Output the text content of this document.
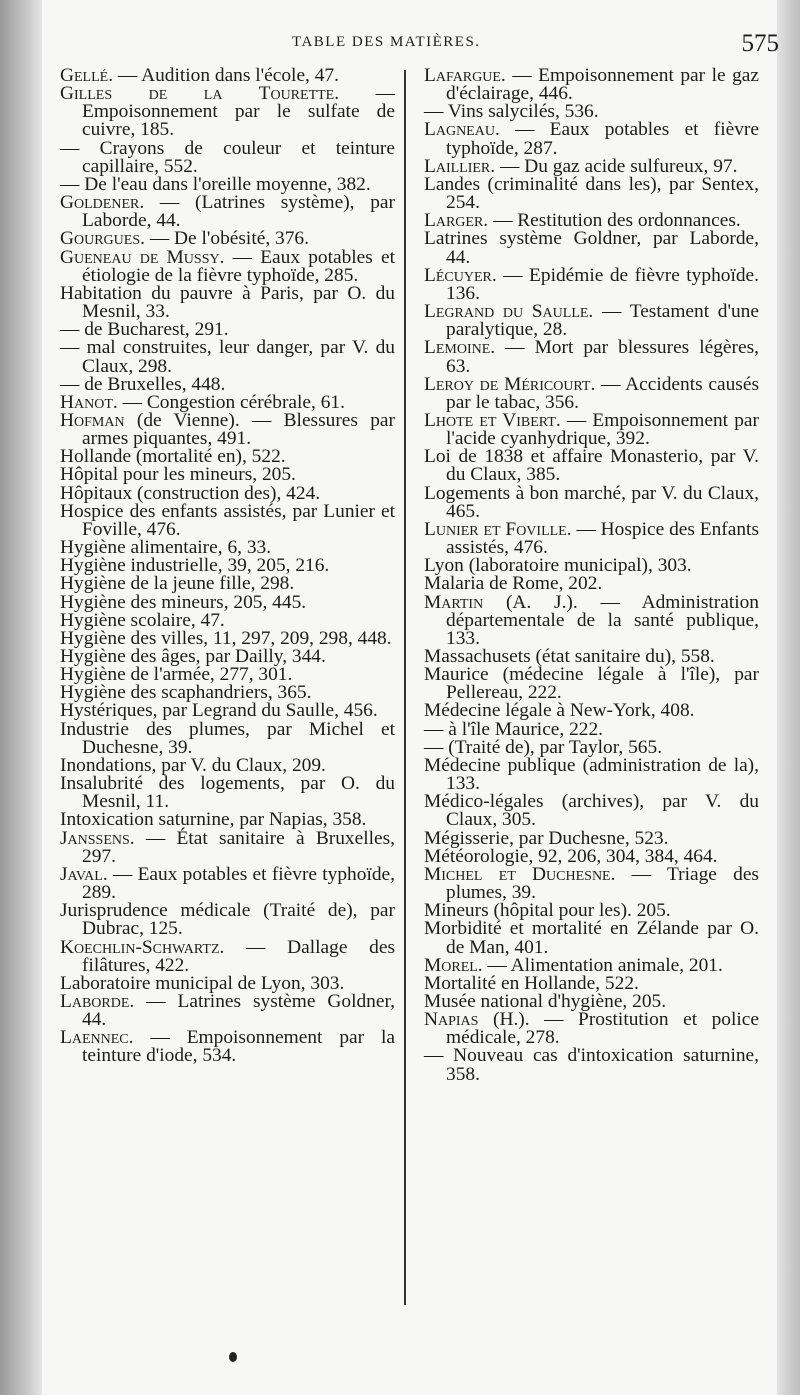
TABLE DES MATIÈRES.	575
Gellé. — Audition dans l'école, 47.
Gilles de la Tourette. — Empoisonnement par le sulfate de cuivre, 185.
— Crayons de couleur et teinture capillaire, 552.
— De l'eau dans l'oreille moyenne, 382.
Goldener. — (Latrines système), par Laborde, 44.
Gourgues. — De l'obésité, 376.
Gueneau de Mussy. — Eaux potables et étiologie de la fièvre typhoïde, 285.
Habitation du pauvre à Paris, par O. du Mesnil, 33.
— de Bucharest, 291.
— mal construites, leur danger, par V. du Claux, 298.
— de Bruxelles, 448.
Hanot. — Congestion cérébrale, 61.
Hofman (de Vienne). — Blessures par armes piquantes, 491.
Hollande (mortalité en), 522.
Hôpital pour les mineurs, 205.
Hôpitaux (construction des), 424.
Hospice des enfants assistés, par Lunier et Foville, 476.
Hygiène alimentaire, 6, 33.
Hygiène industrielle, 39, 205, 216.
Hygiène de la jeune fille, 298.
Hygiène des mineurs, 205, 445.
Hygiène scolaire, 47.
Hygiène des villes, 11, 297, 209, 298, 448.
Hygiène des âges, par Dailly, 344.
Hygiène de l'armée, 277, 301.
Hygiène des scaphandriers, 365.
Hystériques, par Legrand du Saulle, 456.
Industrie des plumes, par Michel et Duchesne, 39.
Inondations, par V. du Claux, 209.
Insalubrité des logements, par O. du Mesnil, 11.
Intoxication saturnine, par Napias, 358.
Janssens. — État sanitaire à Bruxelles, 297.
Javal. — Eaux potables et fièvre typhoïde, 289.
Jurisprudence médicale (Traité de), par Dubrac, 125.
Koechlin-Schwartz. — Dallage des filâtures, 422.
Laboratoire municipal de Lyon, 303.
Laborde. — Latrines système Goldner, 44.
Laennec. — Empoisonnement par la teinture d'iode, 534.
Lafargue. — Empoisonnement par le gaz d'éclairage, 446.
— Vins salycilés, 536.
Lagneau. — Eaux potables et fièvre typhoïde, 287.
Laillier. — Du gaz acide sulfureux, 97.
Landes (criminalité dans les), par Sentex, 254.
Larger. — Restitution des ordonnances.
Latrines système Goldner, par Laborde, 44.
Lécuyer. — Epidémie de fièvre typhoïde. 136.
Legrand du Saulle. — Testament d'une paralytique, 28.
Lemoine. — Mort par blessures légères, 63.
Leroy de Méricourt. — Accidents causés par le tabac, 356.
Lhote et Vibert. — Empoisonnement par l'acide cyanhydrique, 392.
Loi de 1838 et affaire Monasterio, par V. du Claux, 385.
Logements à bon marché, par V. du Claux, 465.
Lunier et Foville. — Hospice des Enfants assistés, 476.
Lyon (laboratoire municipal), 303.
Malaria de Rome, 202.
Martin (A. J.). — Administration départementale de la santé publique, 133.
Massachusets (état sanitaire du), 558.
Maurice (médecine légale à l'île), par Pellereau, 222.
Médecine légale à New-York, 408.
— à l'île Maurice, 222.
— (Traité de), par Taylor, 565.
Médecine publique (administration de la), 133.
Médico-légales (archives), par V. du Claux, 305.
Mégisserie, par Duchesne, 523.
Météorologie, 92, 206, 304, 384, 464.
Michel et Duchesne. — Triage des plumes, 39.
Mineurs (hôpital pour les). 205.
Morbidité et mortalité en Zélande par O. de Man, 401.
Morel. — Alimentation animale, 201.
Mortalité en Hollande, 522.
Musée national d'hygiène, 205.
Napias (H.). — Prostitution et police médicale, 278.
— Nouveau cas d'intoxication saturnine, 358.
